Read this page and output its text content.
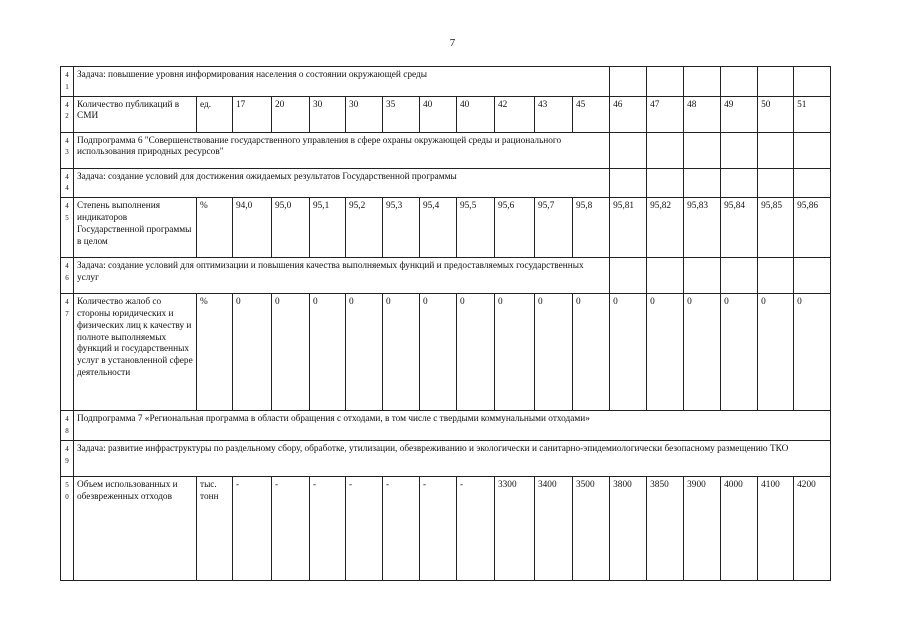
7
41	Задача: повышение уровня информирования населения о состоянии окружающей среды																	
42	Количество публикаций в СМИ	ед.	17	20	30	30	35	40	40	42	43	45	46	47	48	49	50	51
43	Подпрограмма 6 "Совершенствование государственного управления в сфере охраны окружающей среды и рационального использования природных ресурсов"																	
44	Задача: создание условий для достижения ожидаемых результатов Государственной программы																	
45	Степень выполнения индикаторов Государственной программы в целом	%	94,0	95,0	95,1	95,2	95,3	95,4	95,5	95,6	95,7	95,8	95,81	95,82	95,83	95,84	95,85	95,86
46	Задача: создание условий для оптимизации и повышения качества выполняемых функций и предоставляемых государственных услуг																	
47	Количество жалоб со стороны юридических и физических лиц к качеству и полноте выполняемых функций и государственных услуг в установленной сфере деятельности	%	0	0	0	0	0	0	0	0	0	0	0	0	0	0	0	0
48	Подпрограмма 7 «Региональная программа в области обращения с отходами, в том числе с твердыми коммунальными отходами»																	
49	Задача: развитие инфраструктуры по раздельному сбору, обработке, утилизации, обезвреживанию и экологически и санитарно-эпидемиологически безопасному размещению ТКО																	
50	Объем использованных и обезвреженных отходов	тыс. тонн	-	-	-	-	-	-	-	3300	3400	3500	3800	3850	3900	4000	4100	4200
